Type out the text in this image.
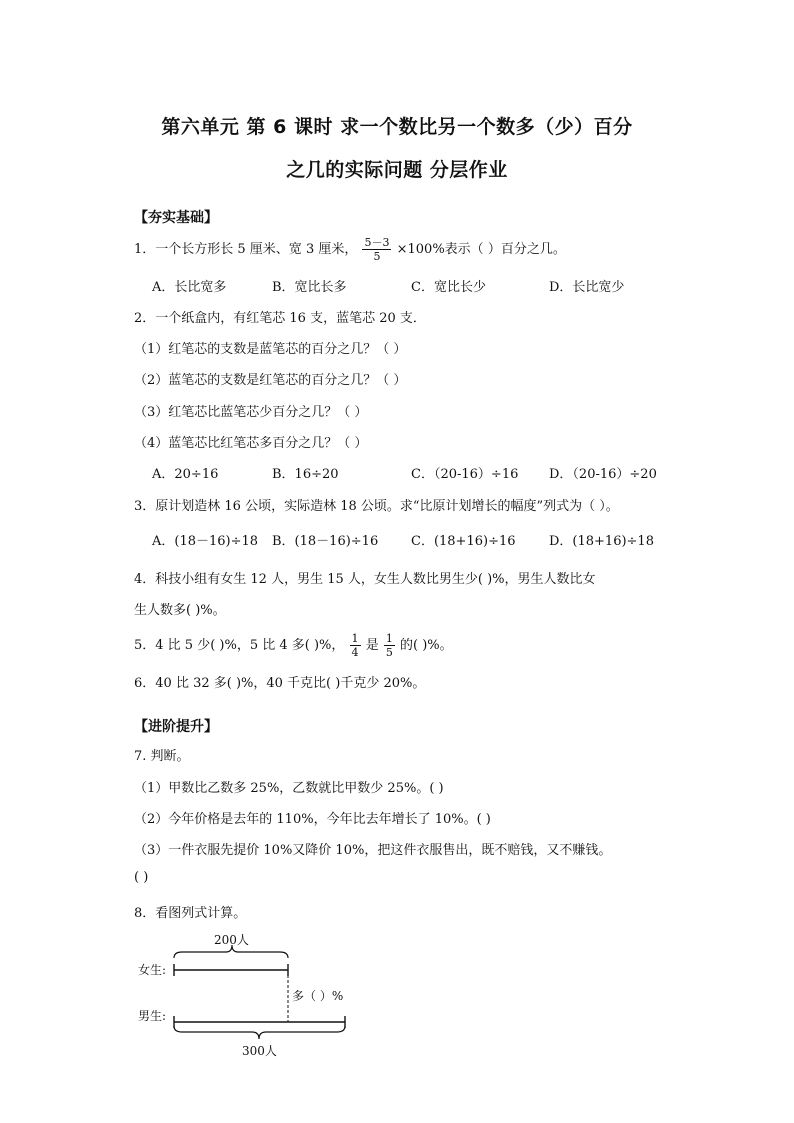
第六单元 第 6 课时 求一个数比另一个数多（少）百分
之几的实际问题 分层作业
【夯实基础】
1．一个长方形长 5 厘米、宽 3 厘米， $\frac{5-3}{5} \times 100\%$表示（ ）百分之几。
A．长比宽多	B．宽比长多	C．宽比长少	D．长比宽少
2．一个纸盒内，有红笔芯 16 支，蓝笔芯 20 支．
（1）红笔芯的支数是蓝笔芯的百分之几？（ ）
（2）蓝笔芯的支数是红笔芯的百分之几？（ ）
（3）红笔芯比蓝笔芯少百分之几？（ ）
（4）蓝笔芯比红笔芯多百分之几？（ ）
A．20÷16	B．16÷20	C．（20-16）÷16 D．（20-16）÷20
3．原计划造林 16 公顷，实际造林 18 公顷。求“比原计划增长的幅度”列式为（ ）。
A．(18－16)÷18 B．(18－16)÷16	C．(18+16)÷16	D．(18+16)÷18
4．科技小组有女生 12 人，男生 15 人，女生人数比男生少( )%，男生人数比女
生人数多( )%。
5．4 比 5 少( )%，5 比 4 多( )%， $\frac{1}{4}$ 是 $\frac{1}{5}$ 的( )%。
6．40 比 32 多( )%，40 千克比( )千克少 20%。
【进阶提升】
7. 判断。
（1）甲数比乙数多 25%，乙数就比甲数少 25%。( )
（2）今年价格是去年的 110%，今年比去年增长了 10%。( )
（3）一件衣服先提价 10%又降价 10%，把这件衣服售出，既不赔钱，又不赚钱。
( )
8．看图列式计算。
200人
女生:
多（ ）%
男生:
300人
